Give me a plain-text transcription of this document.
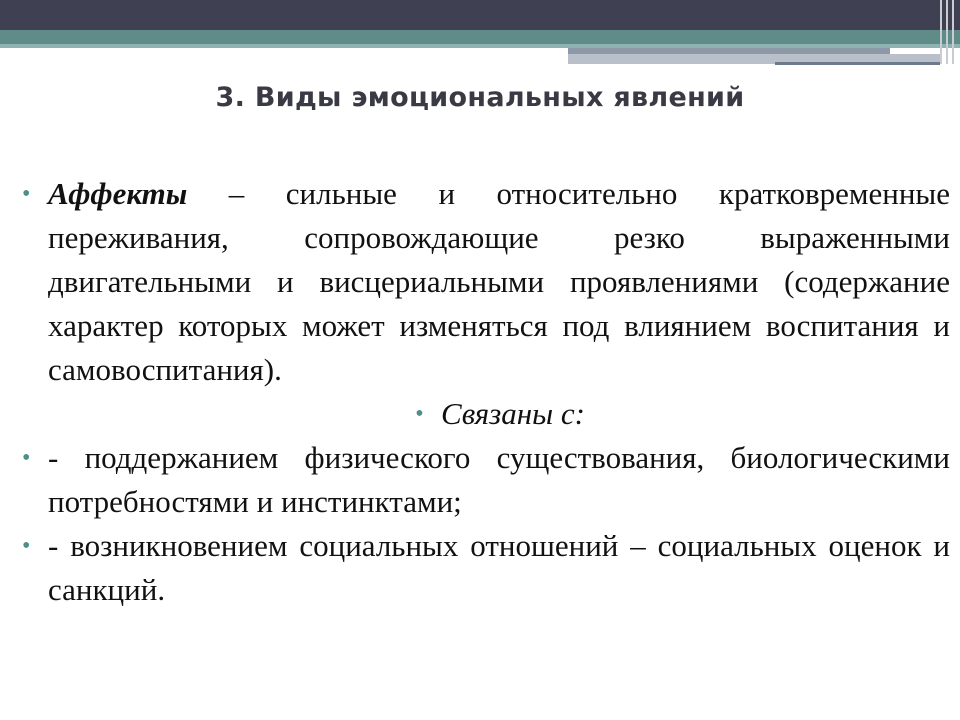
3. Виды эмоциональных явлений
• Аффекты – сильные и относительно кратковременные переживания, сопровождающие резко выраженными двигательными и висцериальными проявлениями (содержание характер которых может изменяться под влиянием воспитания и самовоспитания).
• Связаны с:
• - поддержанием физического существования, биологическими потребностями и инстинктами;
• - возникновением социальных отношений – социальных оценок и санкций.
